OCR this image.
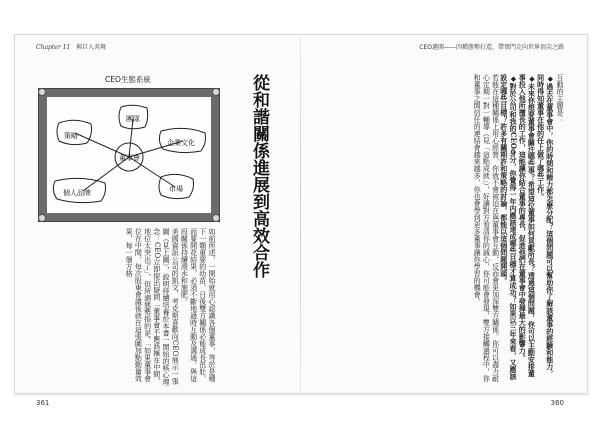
Chapter 11 與巨人共舞	CEO邁開——四種態勢打造，帶領門走向世界頂尖之路
CEO生態系統
董事會
策略
團隊
企業文化
個人品牌	市場	從和諧關係進展到高效合作

如前所述，一開始就用心認識各個董事，等於是種下一顆重要的幼苗，日後雙方關係必能成長茁壯，而要開花結果，必須不斷地適時互動及溝通，與這段關係持續澆水和施肥。

美國資訊公司的凱文．考克斯喜歡向CEO展示一張圖（見上圖），說明持續培養於本書一開始的核心理念：CEO立即提出疑問「董事會不應該擁在中間，地位太突出了」，但所謂態勢指的是，「如果董事會位在中間，每次股東會議後就在這張圖加點動量效果，每一個方格

互動的主題是：

◆過去在董事會中，你的時間和精力都怎麼分配？這個問題可以幫助你了解該董事的經驗和能力，同時得知董事在他的任上做了哪些工作。

◆未來你想要董事會關注哪些事？希望這位董事如何貢獻所長？透過這個問題，你可以主動安排董事投入他所擅長的工作，這能讓你結合董事的專長，促進他們在董事會中發揮最大的影響力。

◆對於公司和我的CEO身分，你覺得一年內應該達成哪些目標才算成功？如果以三年來看，又應該設定哪些目標？許多有關期許和策略的討論，都能以這個問題開頭。

若能在這種關係上用心經營，你就不會被迫在與董事會互動，反而會更加深雙方關係。你可以盡力耐心定期一對一輔導（見「這點成就」），好讓對方看清你的誠心，你可能會發現，雙方接觸過程中，你和董事之間信任的連結會越來越多，你也會學到更多董事讓你學習的機會。

361	360
